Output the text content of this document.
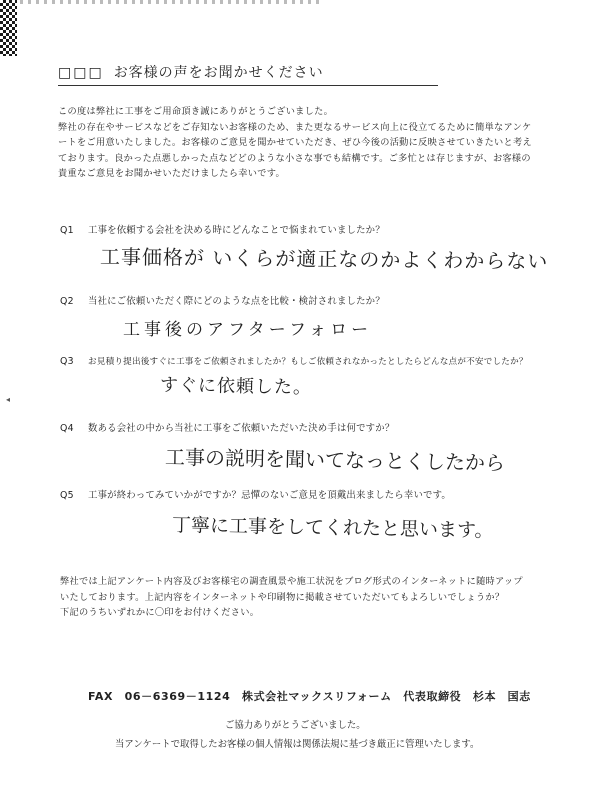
□□□ お客様の声をお聞かせください

この度は弊社に工事をご用命頂き誠にありがとうございました。

弊社の存在やサービスなどをご存知ないお客様のため、また更なるサービス向上に役立てるために簡単なアンケ

ートをご用意いたしました。お客様のご意見を聞かせていただき、ぜひ今後の活動に反映させていきたいと考え

ております。良かった点悪しかった点などどのような小さな事でも結構です。ご多忙とは存じますが、お客様の

貴重なご意見をお聞かせいただけましたら幸いです。

Q1 工事を依頼する会社を決める時にどんなことで悩まれていましたか？
工事価格が いくらが適正なのかよくわからない
Q2 当社にご依頼いただく際にどのような点を比較・検討されましたか？
工事後のアフターフォロー
Q3 お見積り提出後すぐに工事をご依頼されましたか？もしご依頼されなかったとしたらどんな点が不安でしたか？
すぐに依頼した。
◂
Q4 数ある会社の中から当社に工事をご依頼いただいた決め手は何ですか？
工事の説明を聞いてなっとくしたから
Q5 工事が終わってみていかがですか？忌憚のないご意見を頂戴出来ましたら幸いです。
丁寧に工事をしてくれたと思います。

弊社では上記アンケート内容及びお客様宅の調査風景や施工状況をブログ形式のインターネットに随時アップ

いたしております。上記内容をインターネットや印刷物に掲載させていただいてもよろしいでしょうか？

下記のうちいずれかに〇印をお付けください。

FAX　06－6369－1124　株式会社マックスリフォーム　代表取締役　杉本　国志
ご協力ありがとうございました。
当アンケートで取得したお客様の個人情報は関係法規に基づき厳正に管理いたします。
